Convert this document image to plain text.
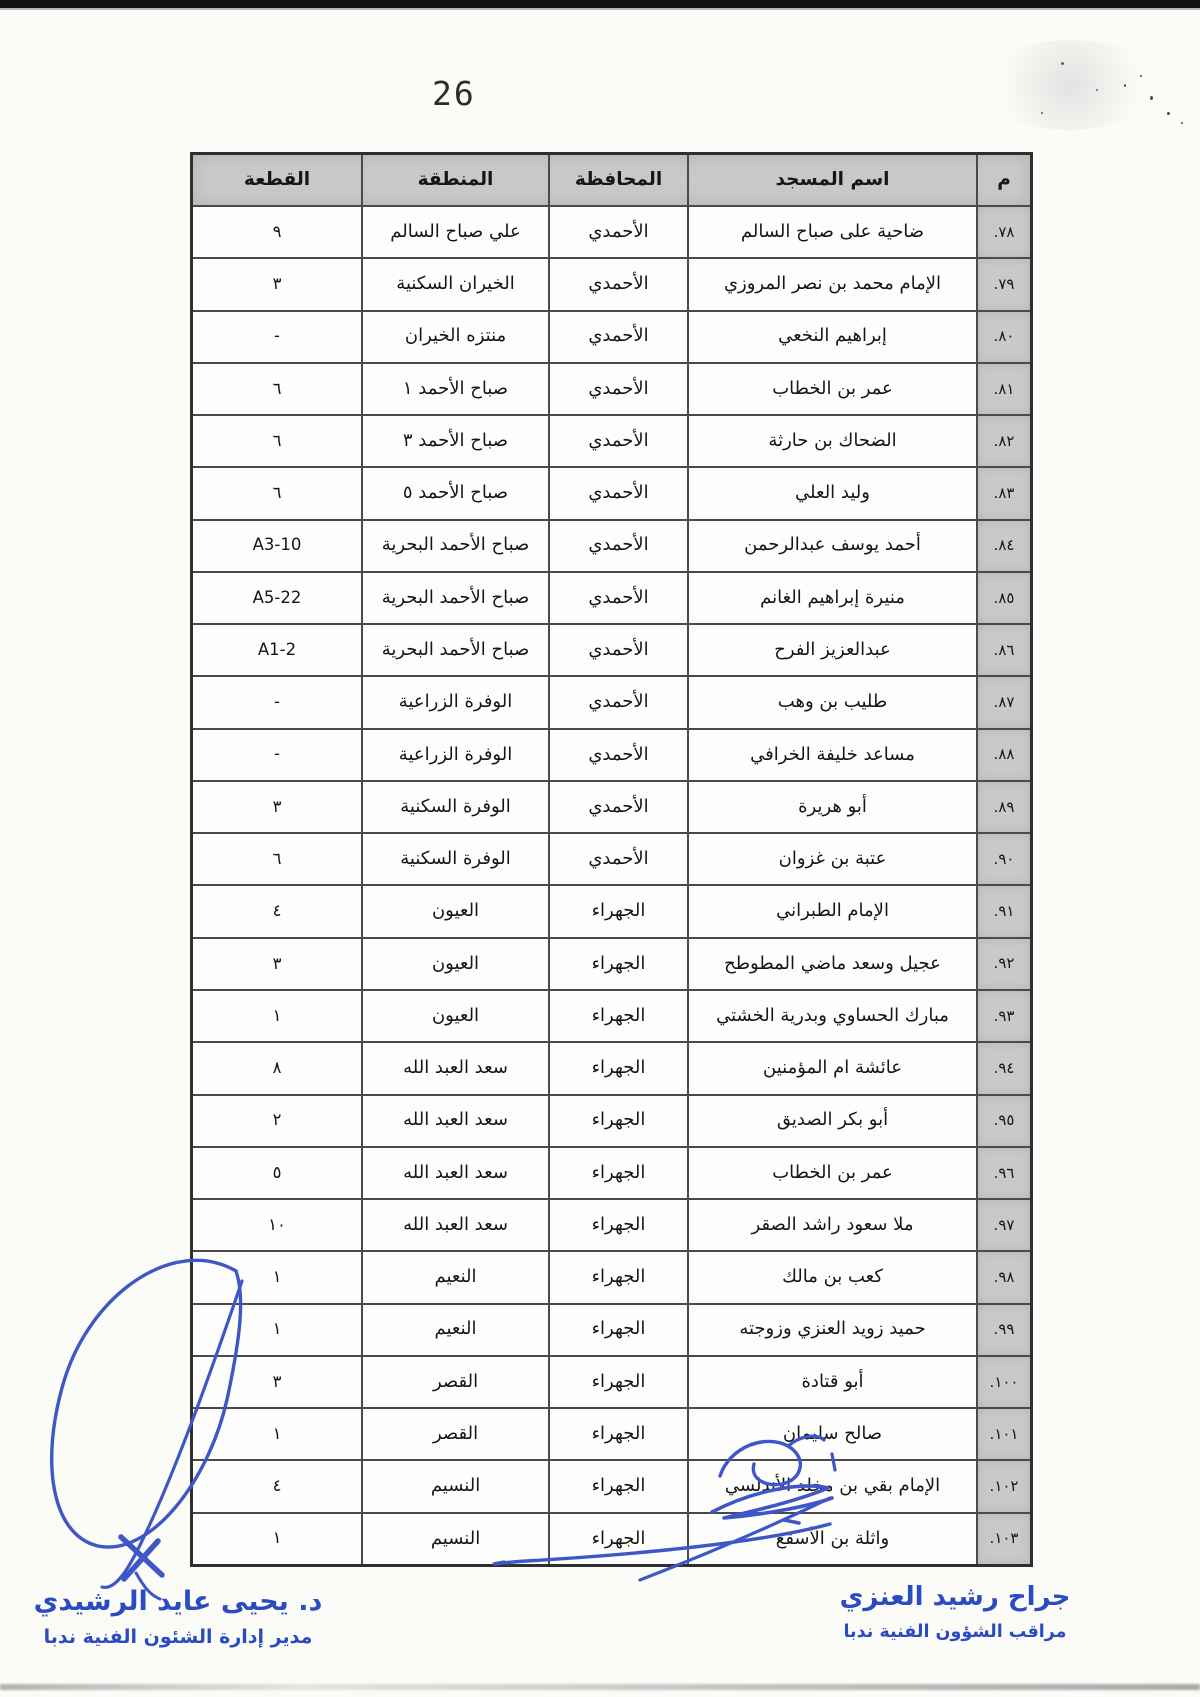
26
القطعة	المنطقة	المحافظة	اسم المسجد	م
٩	علي صباح السالم	الأحمدي	ضاحية على صباح السالم	٧٨.
٣	الخيران السكنية	الأحمدي	الإمام محمد بن نصر المروزي	٧٩.
-	منتزه الخيران	الأحمدي	إبراهيم النخعي	٨٠.
٦	صباح الأحمد ١	الأحمدي	عمر بن الخطاب	٨١.
٦	صباح الأحمد ٣	الأحمدي	الضحاك بن حارثة	٨٢.
٦	صباح الأحمد ٥	الأحمدي	وليد العلي	٨٣.
A3-10	صباح الأحمد البحرية	الأحمدي	أحمد يوسف عبدالرحمن	٨٤.
A5-22	صباح الأحمد البحرية	الأحمدي	منيرة إبراهيم الغانم	٨٥.
A1-2	صباح الأحمد البحرية	الأحمدي	عبدالعزيز الفرح	٨٦.
-	الوفرة الزراعية	الأحمدي	طليب بن وهب	٨٧.
-	الوفرة الزراعية	الأحمدي	مساعد خليفة الخرافي	٨٨.
٣	الوفرة السكنية	الأحمدي	أبو هريرة	٨٩.
٦	الوفرة السكنية	الأحمدي	عتبة بن غزوان	٩٠.
٤	العيون	الجهراء	الإمام الطبراني	٩١.
٣	العيون	الجهراء	عجيل وسعد ماضي المطوطح	٩٢.
١	العيون	الجهراء	مبارك الحساوي وبدرية الخشتي	٩٣.
٨	سعد العبد الله	الجهراء	عائشة ام المؤمنين	٩٤.
٢	سعد العبد الله	الجهراء	أبو بكر الصديق	٩٥.
٥	سعد العبد الله	الجهراء	عمر بن الخطاب	٩٦.
١٠	سعد العبد الله	الجهراء	ملا سعود راشد الصقر	٩٧.
١	النعيم	الجهراء	كعب بن مالك	٩٨.
١	النعيم	الجهراء	حميد زويد العنزي وزوجته	٩٩.
٣	القصر	الجهراء	أبو قتادة	١٠٠.
١	القصر	الجهراء	صالح سليمان	١٠١.
٤	النسيم	الجهراء	الإمام بقي بن مخلد الأندلسي	١٠٢.
١	النسيم	الجهراء	واثلة بن الأسقع	١٠٣.
د. يحيى عايد الرشيدي
مدير إدارة الشئون الفنية ندبا
جراح رشيد العنزي
مراقب الشؤون الفنية ندبا
